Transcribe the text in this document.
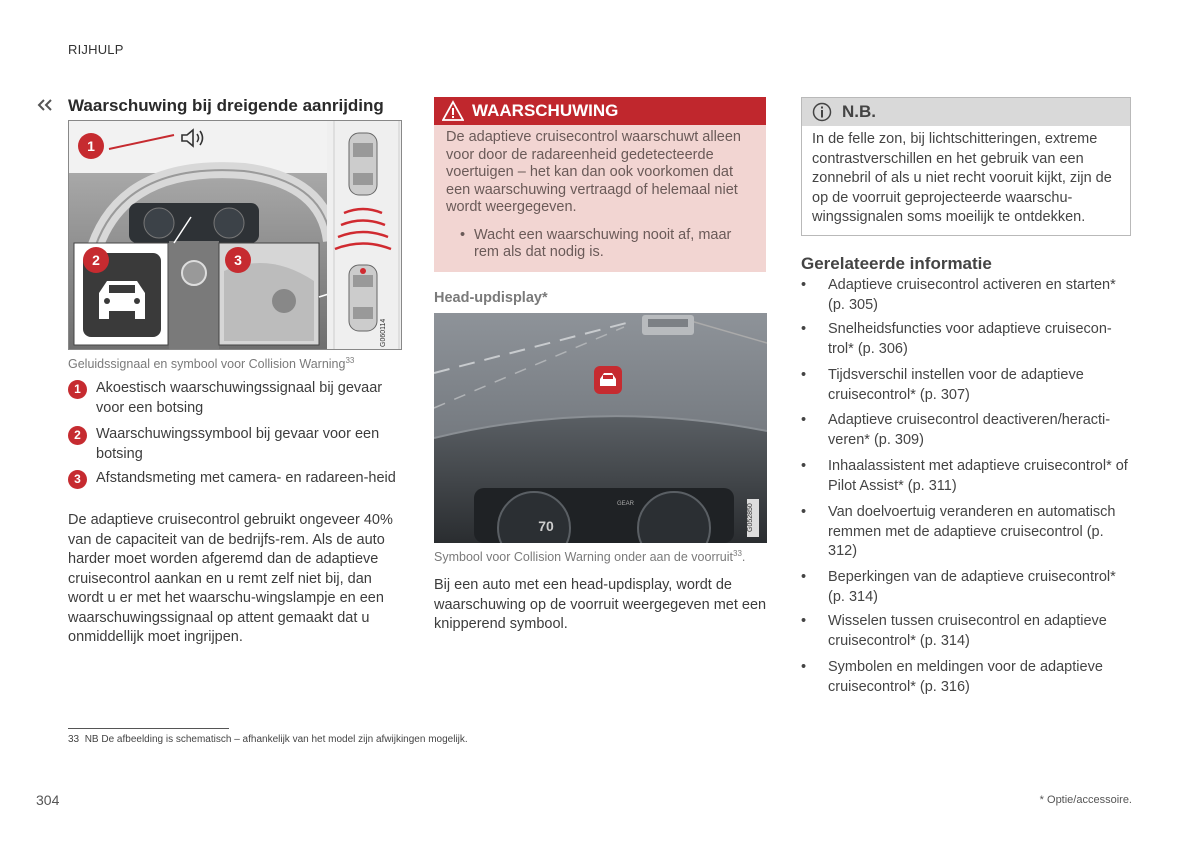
RIJHULP
Waarschuwing bij dreigende aanrijding
1
2	3
G060114
Geluidssignaal en symbool voor Collision Warning$^{33}$
1	Akoestisch waarschuwingssignaal bij gevaar voor een botsing
2	Waarschuwingssymbool bij gevaar voor een botsing
3	Afstandsmeting met camera- en radareen-heid
De adaptieve cruisecontrol gebruikt ongeveer 40% van de capaciteit van de bedrijfs-rem. Als de auto harder moet worden afgeremd dan de adaptieve cruisecontrol aankan en u remt zelf niet bij, dan wordt u er met het waarschu-wingslampje en een waarschuwingssignaal op attent gemaakt dat u onmiddellijk moet ingrijpen.
WAARSCHUWING
De adaptieve cruisecontrol waarschuwt alleen voor door de radareenheid gedetecteerde voertuigen – het kan dan ook voorkomen dat een waarschuwing vertraagd of helemaal niet wordt weergegeven.
• Wacht een waarschuwing nooit af, maar rem als dat nodig is.
Head-updisplay*
GEAR
70	G052850
Symbool voor Collision Warning onder aan de voorruit$^{33}$.
Bij een auto met een head-updisplay, wordt de waarschuwing op de voorruit weergegeven met een knipperend symbool.
N.B.
In de felle zon, bij lichtschitteringen, extreme contrastverschillen en het gebruik van een zonnebril of als u niet recht vooruit kijkt, zijn de op de voorruit geprojecteerde waarschu-wingssignalen soms moeilijk te ontdekken.
Gerelateerde informatie
• Adaptieve cruisecontrol activeren en starten* (p. 305)
• Snelheidsfuncties voor adaptieve cruisecon-trol* (p. 306)
• Tijdsverschil instellen voor de adaptieve cruisecontrol* (p. 307)
• Adaptieve cruisecontrol deactiveren/heracti-veren* (p. 309)
• Inhaalassistent met adaptieve cruisecontrol* of Pilot Assist* (p. 311)
• Van doelvoertuig veranderen en automatisch remmen met de adaptieve cruisecontrol (p. 312)
• Beperkingen van de adaptieve cruisecontrol* (p. 314)
• Wisselen tussen cruisecontrol en adaptieve cruisecontrol* (p. 314)
• Symbolen en meldingen voor de adaptieve cruisecontrol* (p. 316)
33 NB De afbeelding is schematisch – afhankelijk van het model zijn afwijkingen mogelijk.
304	* Optie/accessoire.
